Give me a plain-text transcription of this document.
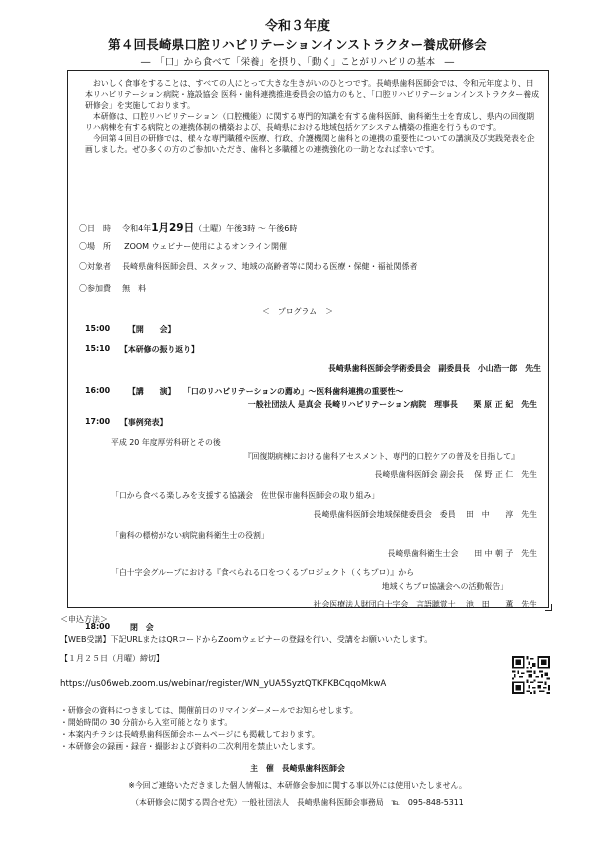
令和３年度
第４回長崎県口腔リハビリテーションインストラクター養成研修会
―　「口」から食べて「栄養」を摂り、「動く」ことがリハビリの基本　―

おいしく食事をすることは、すべての人にとって大きな生きがいのひとつです。長崎県歯科医師会では、令和元年度より、日本リハビリテーション病院・施設協会 医科・歯科連携推進委員会の協力のもと、「口腔リハビリテーションインストラクター養成研修会」を実施しております。

本研修は、口腔リハビリテーション（口腔機能）に関する専門的知識を有する歯科医師、歯科衛生士を育成し、県内の回復期リハ病棟を有する病院との連携体制の構築および、長崎県における地域包括ケアシステム構築の推進を行うものです。

今回第４回目の研修では、様々な専門職種や医療、行政、介護機関と歯科との連携の重要性についての講演及び実践発表を企画しました。ぜひ多くの方のご参加いただき、歯科と多職種との連携強化の一助となれば幸いです。

〇日　時 令和4年1月29日（土曜）午後3時 ～ 午後6時
〇場　所 ZOOM ウェビナー使用によるオンライン開催
〇対象者 長崎県歯科医師会員、スタッフ、地域の高齢者等に関わる医療・保健・福祉関係者
〇参加費 無　料
＜　プログラム　＞
15:00 【開　　会】
15:10 【本研修の振り返り】
長崎県歯科医師会学術委員会　副委員長　小山浩一郎　先生
16:00 【講　　演】 「口のリハビリテーションの薦め」～医科歯科連携の重要性～
一般社団法人 是真会 長崎リハビリテーション病院　理事長　　栗 原 正 紀　先生
17:00 【事例発表】
平成 20 年度厚労科研とその後
『回復期病棟における歯科アセスメント、専門的口腔ケアの普及を目指して』
長崎県歯科医師会 副会長　 保 野 正 仁　先生
「口から食べる楽しみを支援する協議会　佐世保市歯科医師会の取り組み」
長崎県歯科医師会地域保健委員会　委員　 田　中　　淳　先生
「歯科の標榜がない病院歯科衛生士の役割」
長崎県歯科衛生士会　　田 中 朝 子　先生
「白十字会グループにおける『食べられる口をつくるプロジェクト（くちプロ）』から
地域くちプロ協議会への活動報告」
社会医療法人財団白十字会　言語聴覚士　 池　田　　薫　先生
18:00	閉　会
＜申込方法＞
【WEB受講】下記URLまたはQRコードからZoomウェビナーの登録を行い、受講をお願いいたします。
【１月２５日（月曜）締切】
https://us06web.zoom.us/webinar/register/WN_yUA5SyztQTKFKBCqqoMkwA
・研修会の資料につきましては、開催前日のリマインダーメールでお知らせします。
・開始時間の 30 分前から入室可能となります。
・本案内チラシは長崎県歯科医師会ホームページにも掲載しております。
・本研修会の録画・録音・撮影および資料の二次利用を禁止いたします。
主　催　長崎県歯科医師会
※今回ご連絡いただきました個人情報は、本研修会参加に関する事以外には使用いたしません。
（本研修会に関する問合せ先）一般社団法人　長崎県歯科医師会事務局　℡　095-848-5311
